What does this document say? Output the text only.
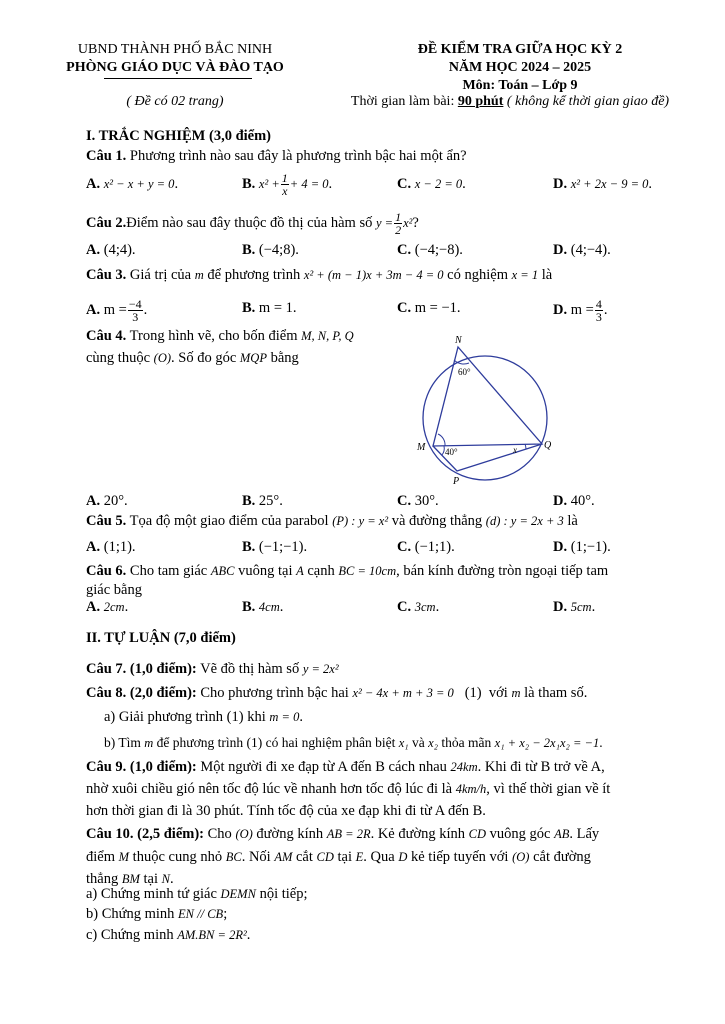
UBND THÀNH PHỐ BẮC NINH
PHÒNG GIÁO DỤC VÀ ĐÀO TẠO
( Đề có 02 trang)
ĐỀ KIỂM TRA GIỮA HỌC KỲ 2
NĂM HỌC 2024 – 2025
Môn: Toán – Lớp 9
Thời gian làm bài: 90 phút ( không kể thời gian giao đề)
I. TRẮC NGHIỆM (3,0 điểm)
Câu 1. Phương trình nào sau đây là phương trình bậc hai một ẩn?
A. x² − x + y = 0.	B.
$x^2 + \frac{1}{x} + 4 = 0$ .	C. x − 2 = 0.	D. x² + 2x − 9 = 0.
Câu 2. Điểm nào sau đây thuộc đồ thị của hàm số
$y = \frac{1}{2} x^2$ ?
A. (4;4).	B. (−4;8).	C. (−4;−8).	D. (4;−4).
Câu 3. Giá trị của m để phương trình x² + (m − 1)x + 3m − 4 = 0 có nghiệm x = 1 là
A.
$m = \frac{-4}{3}$ .	B. m = 1.	C. m = −1.	D.
$m = \frac{4}{3}$ .
Câu 4. Trong hình vẽ, cho bốn điểm M, N, P, Q
cùng thuộc (O). Số đo góc MQP bằng
N
M
P
Q
60°
40°	x
A. 20°.	B. 25°.	C. 30°.	D. 40°.
Câu 5. Tọa độ một giao điểm của parabol (P) : y = x² và đường thẳng (d) : y = 2x + 3 là
A. (1;1).	B. (−1;−1).	C. (−1;1).	D. (1;−1).
Câu 6. Cho tam giác ABC vuông tại A cạnh BC = 10cm, bán kính đường tròn ngoại tiếp tam
giác bằng
A. 2cm.	B. 4cm.	C. 3cm.	D. 5cm.
II. TỰ LUẬN (7,0 điểm)
Câu 7. (1,0 điểm): Vẽ đồ thị hàm số y = 2x²
Câu 8. (2,0 điểm): Cho phương trình bậc hai x² − 4x + m + 3 = 0 (1)  với m là tham số.
a) Giải phương trình (1) khi m = 0.
b) Tìm m để phương trình (1) có hai nghiệm phân biệt x₁ và x₂ thỏa mãn x₁ + x₂ − 2x₁x₂ = −1.
Câu 9. (1,0 điểm): Một người đi xe đạp từ A đến B cách nhau 24km. Khi đi từ B trở về A,
nhờ xuôi chiều gió nên tốc độ lúc về nhanh hơn tốc độ lúc đi là 4km/h, vì thế thời gian về ít
hơn thời gian đi là 30 phút. Tính tốc độ của xe đạp khi đi từ A đến B.
Câu 10. (2,5 điểm): Cho (O) đường kính AB = 2R. Kẻ đường kính CD vuông góc AB. Lấy
điểm M thuộc cung nhỏ BC. Nối AM cắt CD tại E. Qua D kẻ tiếp tuyến với (O) cắt đường
thẳng BM tại N.
a) Chứng minh tứ giác DEMN nội tiếp;
b) Chứng minh EN // CB;
c) Chứng minh AM.BN = 2R².
